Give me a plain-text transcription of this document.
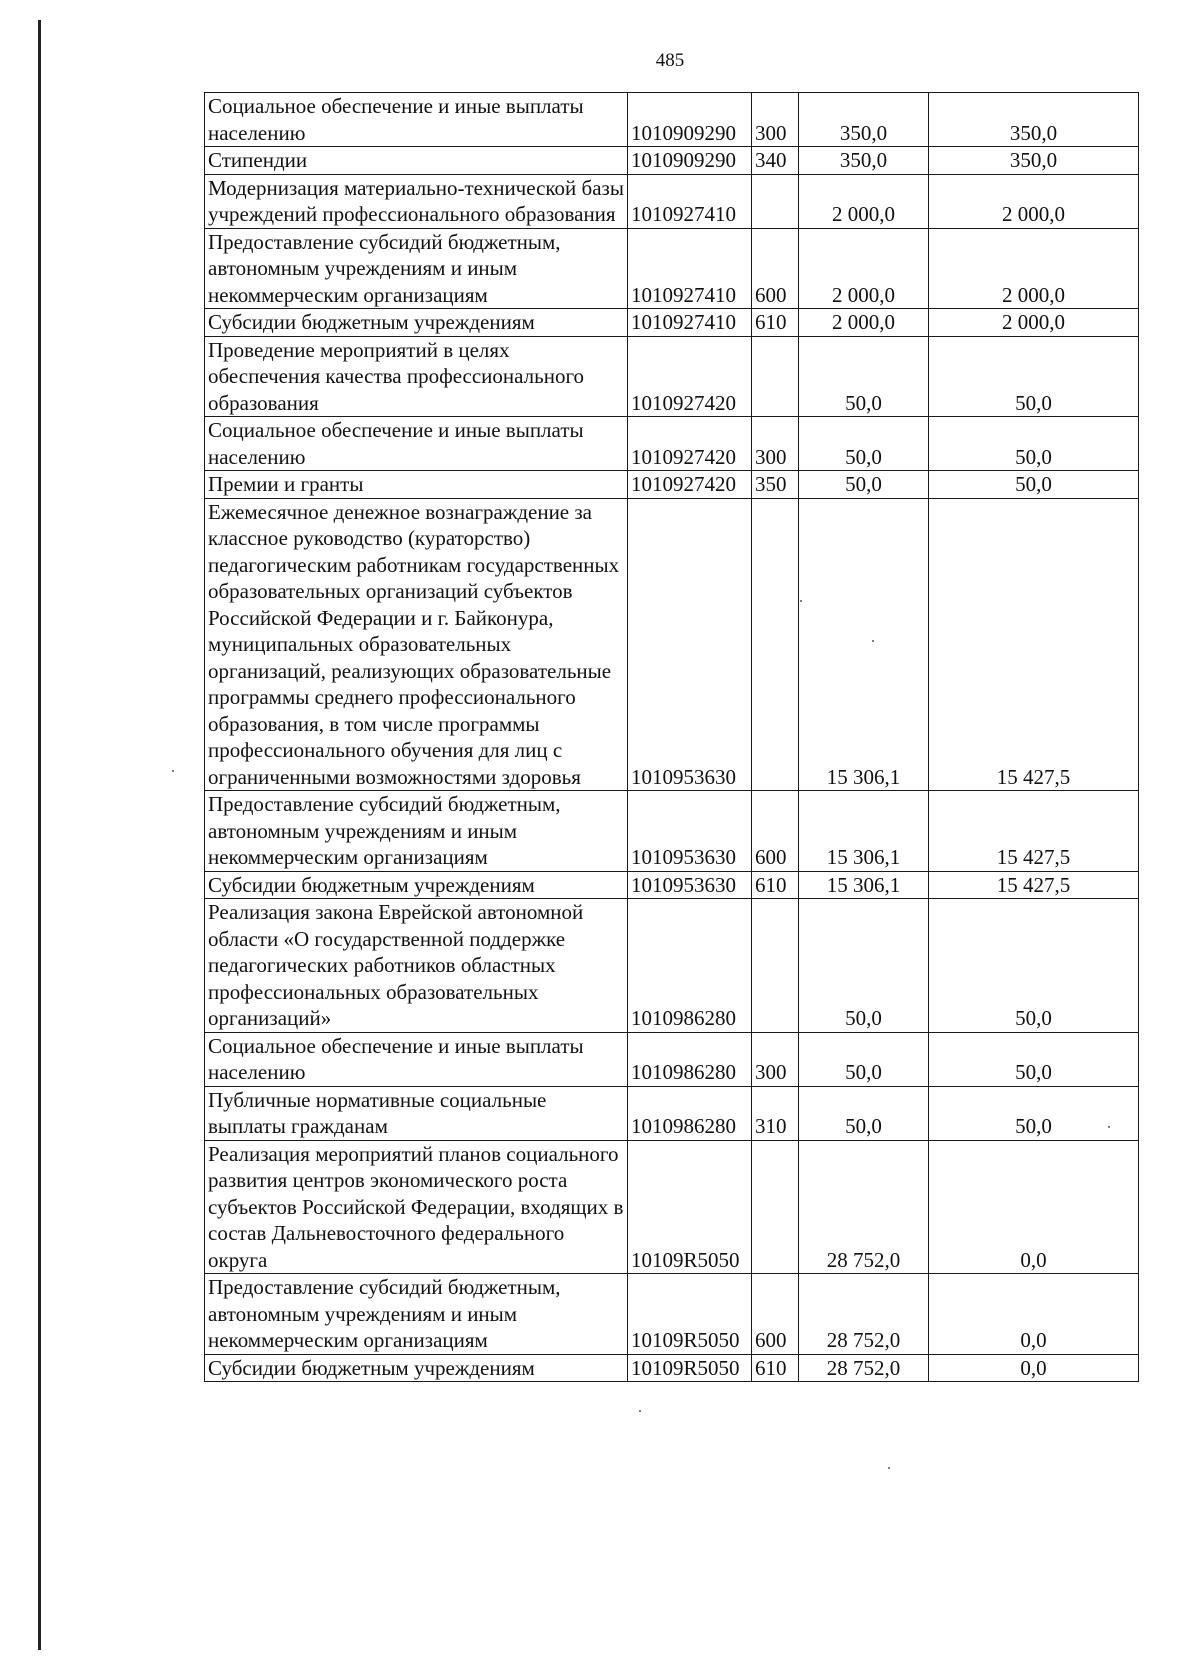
485
Социальное обеспечение и иные выплаты населению	1010909290	300	350,0	350,0
Стипендии	1010909290	340	350,0	350,0
Модернизация материально-технической базы учреждений профессионального образования	1010927410		2 000,0	2 000,0
Предоставление субсидий бюджетным, автономным учреждениям и иным некоммерческим организациям	1010927410	600	2 000,0	2 000,0
Субсидии бюджетным учреждениям	1010927410	610	2 000,0	2 000,0
Проведение мероприятий в целях обеспечения качества профессионального образования	1010927420		50,0	50,0
Социальное обеспечение и иные выплаты населению	1010927420	300	50,0	50,0
Премии и гранты	1010927420	350	50,0	50,0
Ежемесячное денежное вознаграждение за классное руководство (кураторство) педагогическим работникам государственных образовательных организаций субъектов Российской Федерации и г. Байконура, муниципальных образовательных организаций, реализующих образовательные программы среднего профессионального образования, в том числе программы профессионального обучения для лиц с ограниченными возможностями здоровья	1010953630		15 306,1	15 427,5
Предоставление субсидий бюджетным, автономным учреждениям и иным некоммерческим организациям	1010953630	600	15 306,1	15 427,5
Субсидии бюджетным учреждениям	1010953630	610	15 306,1	15 427,5
Реализация закона Еврейской автономной области «О государственной поддержке педагогических работников областных профессиональных образовательных организаций»	1010986280		50,0	50,0
Социальное обеспечение и иные выплаты населению	1010986280	300	50,0	50,0
Публичные нормативные социальные выплаты гражданам	1010986280	310	50,0	50,0
Реализация мероприятий планов социального развития центров экономического роста субъектов Российской Федерации, входящих в состав Дальневосточного федерального округа	10109R5050		28 752,0	0,0
Предоставление субсидий бюджетным, автономным учреждениям и иным некоммерческим организациям	10109R5050	600	28 752,0	0,0
Субсидии бюджетным учреждениям	10109R5050	610	28 752,0	0,0
